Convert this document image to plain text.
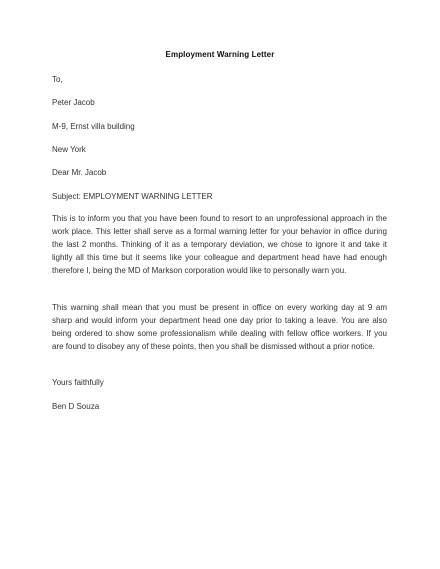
Employment Warning Letter
To,
Peter Jacob
M-9, Ernst villa building
New York
Dear Mr. Jacob
Subject: EMPLOYMENT WARNING LETTER
This is to inform you that you have been found to resort to an unprofessional approach in the work place. This letter shall serve as a formal warning letter for your behavior in office during the last 2 months. Thinking of it as a temporary deviation, we chose to ignore it and take it lightly all this time but it seems like your colleague and department head have had enough therefore I, being the MD of Markson corporation would like to personally warn you.
This warning shall mean that you must be present in office on every working day at 9 am sharp and would inform your department head one day prior to taking a leave. You are also being ordered to show some professionalism while dealing with fellow office workers. If you are found to disobey any of these points, then you shall be dismissed without a prior notice.
Yours faithfully
Ben D Souza
